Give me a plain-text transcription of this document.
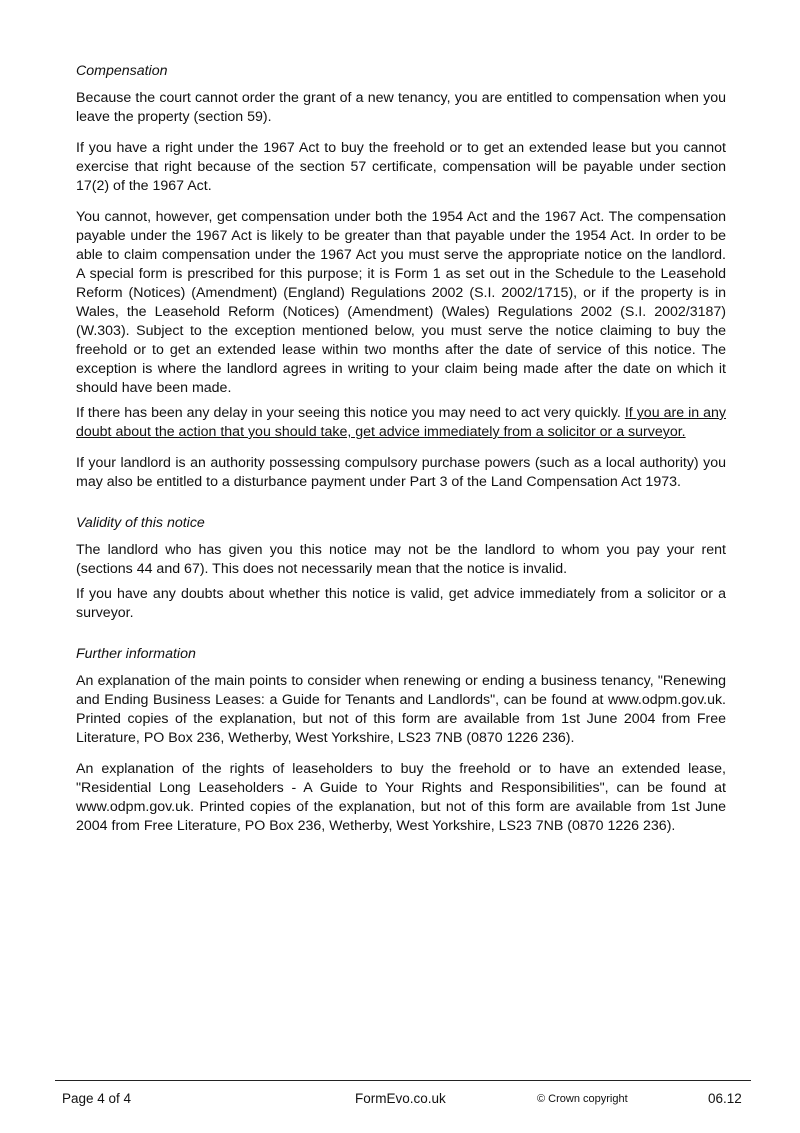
Compensation

Because the court cannot order the grant of a new tenancy, you are entitled to compensation when you leave the property (section 59).

If you have a right under the 1967 Act to buy the freehold or to get an extended lease but you cannot exercise that right because of the section 57 certificate, compensation will be payable under section 17(2) of the 1967 Act.

You cannot, however, get compensation under both the 1954 Act and the 1967 Act. The compensation payable under the 1967 Act is likely to be greater than that payable under the 1954 Act. In order to be able to claim compensation under the 1967 Act you must serve the appropriate notice on the landlord. A special form is prescribed for this purpose; it is Form 1 as set out in the Schedule to the Leasehold Reform (Notices) (Amendment) (England) Regulations 2002 (S.I. 2002/1715), or if the property is in Wales, the Leasehold Reform (Notices) (Amendment) (Wales) Regulations 2002 (S.I. 2002/3187) (W.303). Subject to the exception mentioned below, you must serve the notice claiming to buy the freehold or to get an extended lease within two months after the date of service of this notice. The exception is where the landlord agrees in writing to your claim being made after the date on which it should have been made.

If there has been any delay in your seeing this notice you may need to act very quickly. If you are in any doubt about the action that you should take, get advice immediately from a solicitor or a surveyor.

If your landlord is an authority possessing compulsory purchase powers (such as a local authority) you may also be entitled to a disturbance payment under Part 3 of the Land Compensation Act 1973.

Validity of this notice

The landlord who has given you this notice may not be the landlord to whom you pay your rent (sections 44 and 67). This does not necessarily mean that the notice is invalid.

If you have any doubts about whether this notice is valid, get advice immediately from a solicitor or a surveyor.

Further information

An explanation of the main points to consider when renewing or ending a business tenancy, "Renewing and Ending Business Leases: a Guide for Tenants and Landlords", can be found at www.odpm.gov.uk. Printed copies of the explanation, but not of this form are available from 1st June 2004 from Free Literature, PO Box 236, Wetherby, West Yorkshire, LS23 7NB (0870 1226 236).

An explanation of the rights of leaseholders to buy the freehold or to have an extended lease, "Residential Long Leaseholders - A Guide to Your Rights and Responsibilities", can be found at www.odpm.gov.uk. Printed copies of the explanation, but not of this form are available from 1st June 2004 from Free Literature, PO Box 236, Wetherby, West Yorkshire, LS23 7NB (0870 1226 236).

Page 4 of 4	FormEvo.co.uk	© Crown copyright	06.12
